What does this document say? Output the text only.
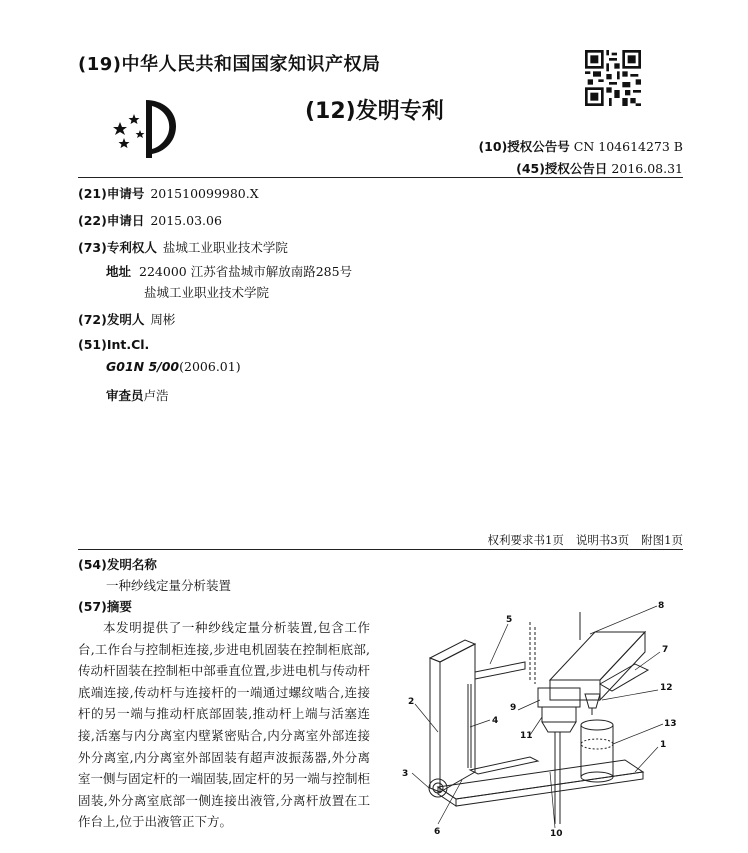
(19)中华人民共和国国家知识产权局
(12)发明专利
(10)授权公告号 CN 104614273 B
(45)授权公告日 2016.08.31
(21)申请号 201510099980.X
(22)申请日 2015.03.06
(73)专利权人 盐城工业职业技术学院
地址 224000 江苏省盐城市解放南路285号
盐城工业职业技术学院
(72)发明人 周彬
(51)Int.Cl.
G01N 5/00(2006.01)
审查员卢浩
权利要求书1页 说明书3页 附图1页
(54)发明名称
一种纱线定量分析装置
(57)摘要
本发明提供了一种纱线定量分析装置,包含工作台,工作台与控制柜连接,步进电机固装在控制柜底部,传动杆固装在控制柜中部垂直位置,步进电机与传动杆底端连接,传动杆与连接杆的一端通过螺纹啮合,连接杆的另一端与推动杆底部固装,推动杆上端与活塞连接,活塞与内分离室内壁紧密贴合,内分离室外部连接外分离室,内分离室外部固装有超声波振荡器,外分离室一侧与固定杆的一端固装,固定杆的另一端与控制柜固装,外分离室底部一侧连接出液管,分离杆放置在工作台上,位于出液管正下方。
8
5
7
2
4
12
9
11
13
1
3
6	10
